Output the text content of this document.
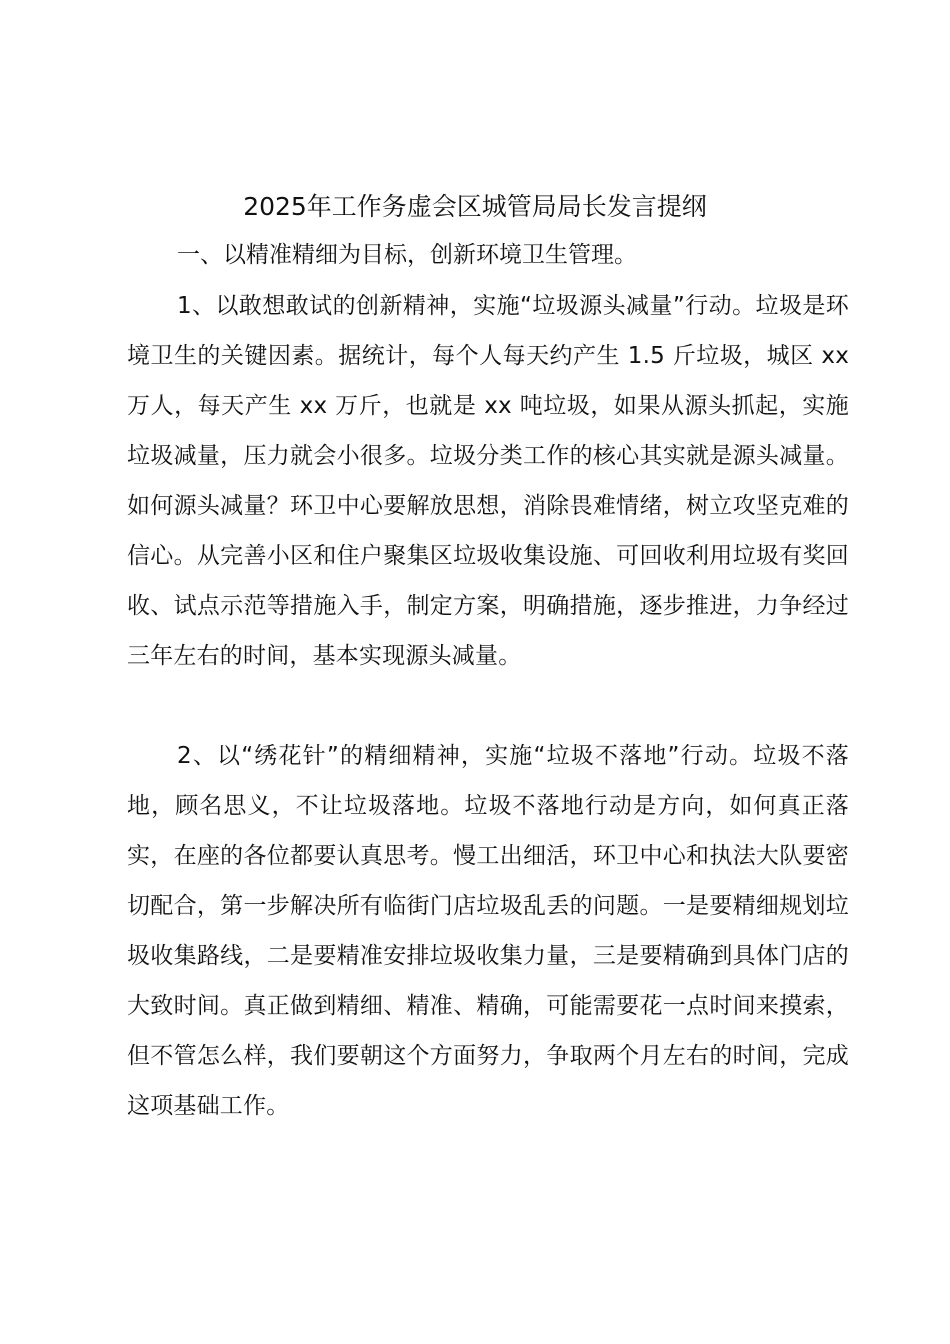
2025年工作务虚会区城管局局长发言提纲
一、以精准精细为目标，创新环境卫生管理。

1、以敢想敢试的创新精神，实施“垃圾源头减量”行动。垃圾是环境卫生的关键因素。据统计，每个人每天约产生 1.5 斤垃圾，城区 xx 万人，每天产生 xx 万斤，也就是 xx 吨垃圾，如果从源头抓起，实施垃圾减量，压力就会小很多。垃圾分类工作的核心其实就是源头减量。如何源头减量？环卫中心要解放思想，消除畏难情绪，树立攻坚克难的信心。从完善小区和住户聚集区垃圾收集设施、可回收利用垃圾有奖回收、试点示范等措施入手，制定方案，明确措施，逐步推进，力争经过三年左右的时间，基本实现源头减量。

2、以“绣花针”的精细精神，实施“垃圾不落地”行动。垃圾不落地，顾名思义，不让垃圾落地。垃圾不落地行动是方向，如何真正落实，在座的各位都要认真思考。慢工出细活，环卫中心和执法大队要密切配合，第一步解决所有临街门店垃圾乱丢的问题。一是要精细规划垃圾收集路线，二是要精准安排垃圾收集力量，三是要精确到具体门店的大致时间。真正做到精细、精准、精确，可能需要花一点时间来摸索，但不管怎么样，我们要朝这个方面努力，争取两个月左右的时间，完成这项基础工作。
